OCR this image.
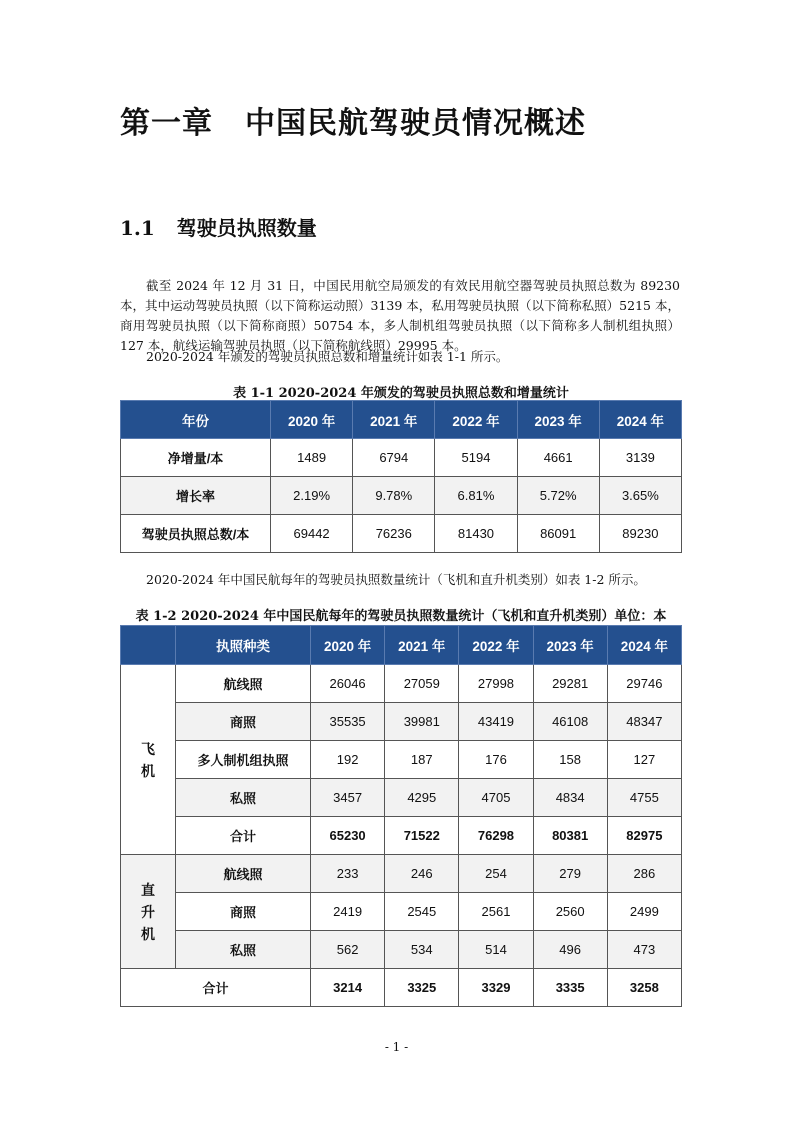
第一章 中国民航驾驶员情况概述
1.1 驾驶员执照数量

截至 2024 年 12 月 31 日，中国民用航空局颁发的有效民用航空器驾驶员执照总数为 89230 本，其中运动驾驶员执照（以下简称运动照）3139 本，私用驾驶员执照（以下简称私照）5215 本，商用驾驶员执照（以下简称商照）50754 本，多人制机组驾驶员执照（以下简称多人制机组执照）127 本，航线运输驾驶员执照（以下简称航线照）29995 本。

2020-2024 年颁发的驾驶员执照总数和增量统计如表 1-1 所示。

表 1-1 2020-2024 年颁发的驾驶员执照总数和增量统计
年份	2020 年	2021 年	2022 年	2023 年	2024 年
净增量/本	1489	6794	5194	4661	3139
增长率	2.19%	9.78%	6.81%	5.72%	3.65%
驾驶员执照总数/本	69442	76236	81430	86091	89230

2020-2024 年中国民航每年的驾驶员执照数量统计（飞机和直升机类别）如表 1-2 所示。

表 1-2 2020-2024 年中国民航每年的驾驶员执照数量统计（飞机和直升机类别）单位：本
	执照种类	2020 年	2021 年	2022 年	2023 年	2024 年
飞
机	航线照	26046	27059	27998	29281	29746
	商照	35535	39981	43419	46108	48347
	多人制机组执照	192	187	176	158	127
	私照	3457	4295	4705	4834	4755
	合计	65230	71522	76298	80381	82975
直
升
机	航线照	233	246	254	279	286
	商照	2419	2545	2561	2560	2499
	私照	562	534	514	496	473
合计		3214	3325	3329	3335	3258
- 1 -
